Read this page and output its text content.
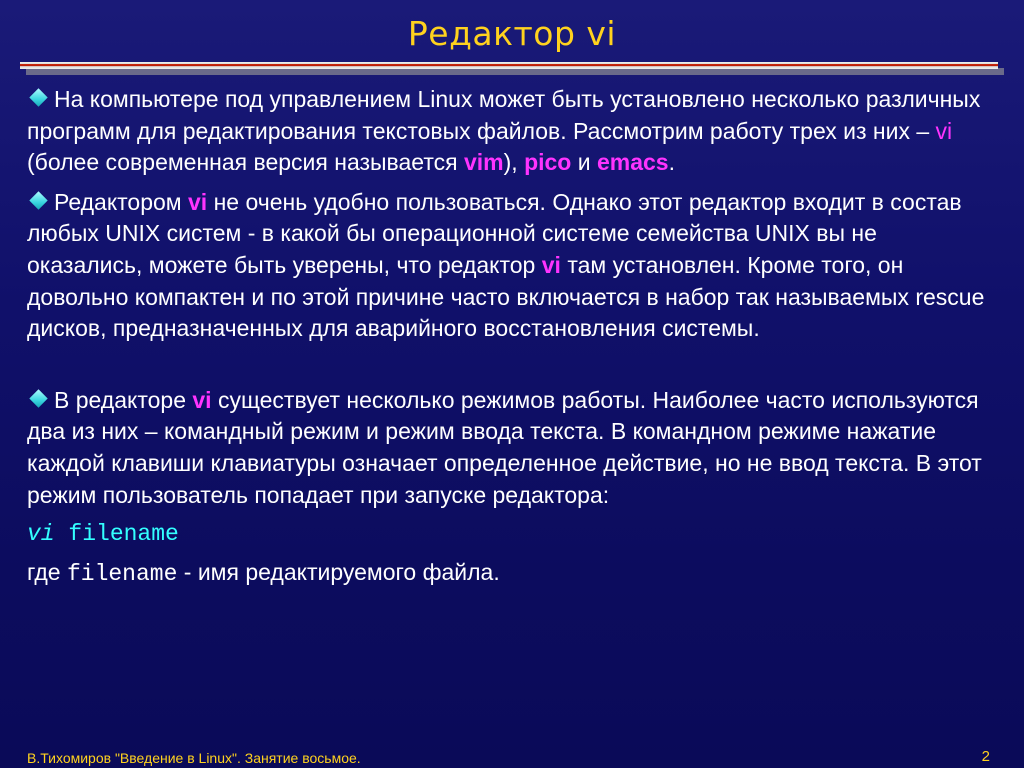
Редактор vi

На компьютере под управлением Linux может быть установлено несколько различных программ для редактирования текстовых файлов. Рассмотрим работу трех из них – vi (более современная версия называется vim), pico и emacs.

Редактором vi не очень удобно пользоваться. Однако этот редактор входит в состав любых UNIX систем - в какой бы операционной системе семейства UNIX вы не оказались, можете быть уверены, что редактор vi там установлен. Кроме того, он довольно компактен и по этой причине часто включается в набор так называемых rescue дисков, предназначенных для аварийного восстановления системы.

В редакторе vi существует несколько режимов работы. Наиболее часто используются два из них – командный режим и режим ввода текста. В командном режиме нажатие каждой клавиши клавиатуры означает определенное действие, но не ввод текста. В этот режим пользователь попадает при запуске редактора:

vi filename

где filename - имя редактируемого файла.

В.Тихомиров "Введение в Linux". Занятие восьмое.	2
